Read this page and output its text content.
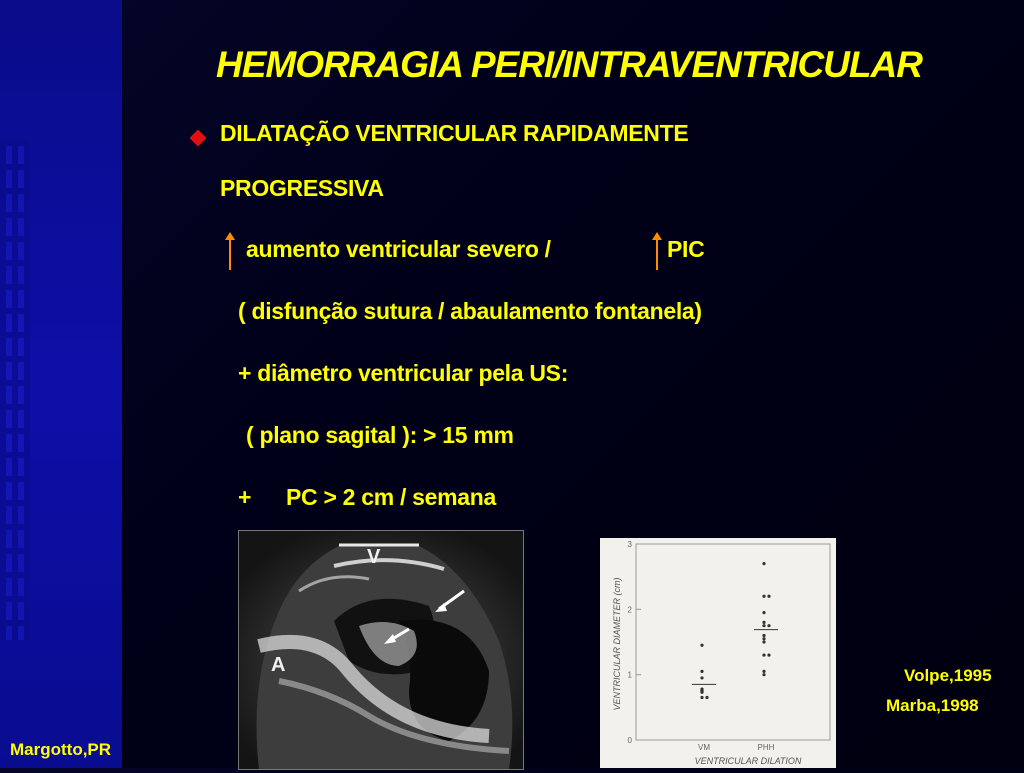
HEMORRAGIA PERI/INTRAVENTRICULAR
DILATAÇÃO VENTRICULAR RAPIDAMENTE
PROGRESSIVA
aumento ventricular severo /	PIC
( disfunção sutura / abaulamento fontanela)
+ diâmetro ventricular pela US:
( plano sagital ): > 15 mm
+ PC > 2 cm / semana
A
V
0
1
2
3
VENTRICULAR DIAMETER (cm)
VM	PHH
VENTRICULAR DILATION
Volpe,1995
Marba,1998
Margotto,PR
